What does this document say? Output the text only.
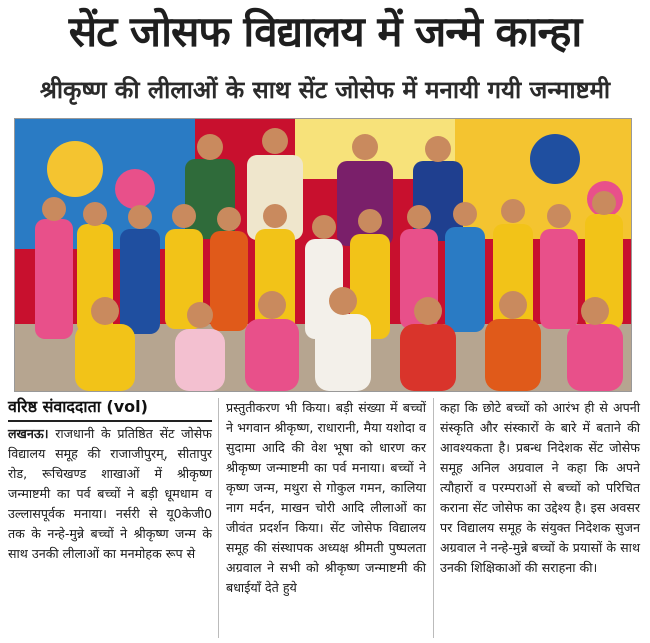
सेंट जोसफ विद्यालय में जन्मे कान्हा
श्रीकृष्ण की लीलाओं के साथ सेंट जोसेफ में मनायी गयी जन्माष्टमी
वरिष्ठ संवाददाता (vol)

लखनऊ। राजधानी के प्रतिष्ठित सेंट जोसेफ विद्यालय समूह की राजाजीपुरम्, सीतापुर रोड, रूचिखण्ड शाखाओं में श्रीकृष्ण जन्माष्टमी का पर्व बच्चों ने बड़ी धूमधाम व उल्लासपूर्वक मनाया। नर्सरी से यू0केजी0 तक के नन्हे-मुन्ने बच्चों ने श्रीकृष्ण जन्म के साथ उनकी लीलाओं का मनमोहक रूप से

प्रस्तुतीकरण भी किया। बड़ी संख्या में बच्चों ने भगवान श्रीकृष्ण, राधारानी, मैया यशोदा व सुदामा आदि की वेश भूषा को धारण कर श्रीकृष्ण जन्माष्टमी का पर्व मनाया। बच्चों ने कृष्ण जन्म, मथुरा से गोकुल गमन, कालिया नाग मर्दन, माखन चोरी आदि लीलाओं का जीवंत प्रदर्शन किया। सेंट जोसेफ विद्यालय समूह की संस्थापक अध्यक्ष श्रीमती पुष्पलता अग्रवाल ने सभी को श्रीकृष्ण जन्माष्टमी की बधाईयाँ देते हुये

कहा कि छोटे बच्चों को आरंभ ही से अपनी संस्कृति और संस्कारों के बारे में बताने की आवश्यकता है। प्रबन्ध निदेशक सेंट जोसेफ समूह अनिल अग्रवाल ने कहा कि अपने त्यौहारों व परम्पराओं से बच्चों को परिचित कराना सेंट जोसेफ का उद्देश्य है। इस अवसर पर विद्यालय समूह के संयुक्त निदेशक सुजन अग्रवाल ने नन्हे-मुन्ने बच्चों के प्रयासों के साथ उनकी शिक्षिकाओं की सराहना की।
